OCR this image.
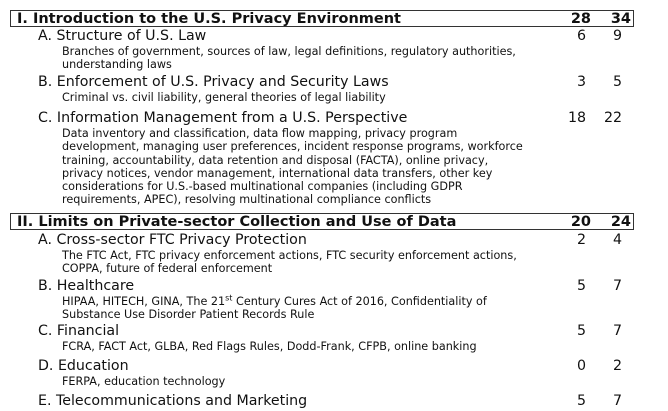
I. Introduction to the U.S. Privacy Environment	28	34
A. Structure of U.S. Law
Branches of government, sources of law, legal definitions, regulatory authorities,
understanding laws
6	9
B. Enforcement of U.S. Privacy and Security Laws
Criminal vs. civil liability, general theories of legal liability
3	5
C. Information Management from a U.S. Perspective
Data inventory and classification, data flow mapping, privacy program
development, managing user preferences, incident response programs, workforce
training, accountability, data retention and disposal (FACTA), online privacy,
privacy notices, vendor management, international data transfers, other key
considerations for U.S.-based multinational companies (including GDPR
requirements, APEC), resolving multinational compliance conflicts
18	22
II. Limits on Private-sector Collection and Use of Data	20	24
A. Cross-sector FTC Privacy Protection
The FTC Act, FTC privacy enforcement actions, FTC security enforcement actions,
COPPA, future of federal enforcement
2	4
B. Healthcare
HIPAA, HITECH, GINA, The 21st Century Cures Act of 2016, Confidentiality of
Substance Use Disorder Patient Records Rule
5	7
C. Financial
FCRA, FACT Act, GLBA, Red Flags Rules, Dodd-Frank, CFPB, online banking
5	7
D. Education
FERPA, education technology
0	2
E. Telecommunications and Marketing	5	7
